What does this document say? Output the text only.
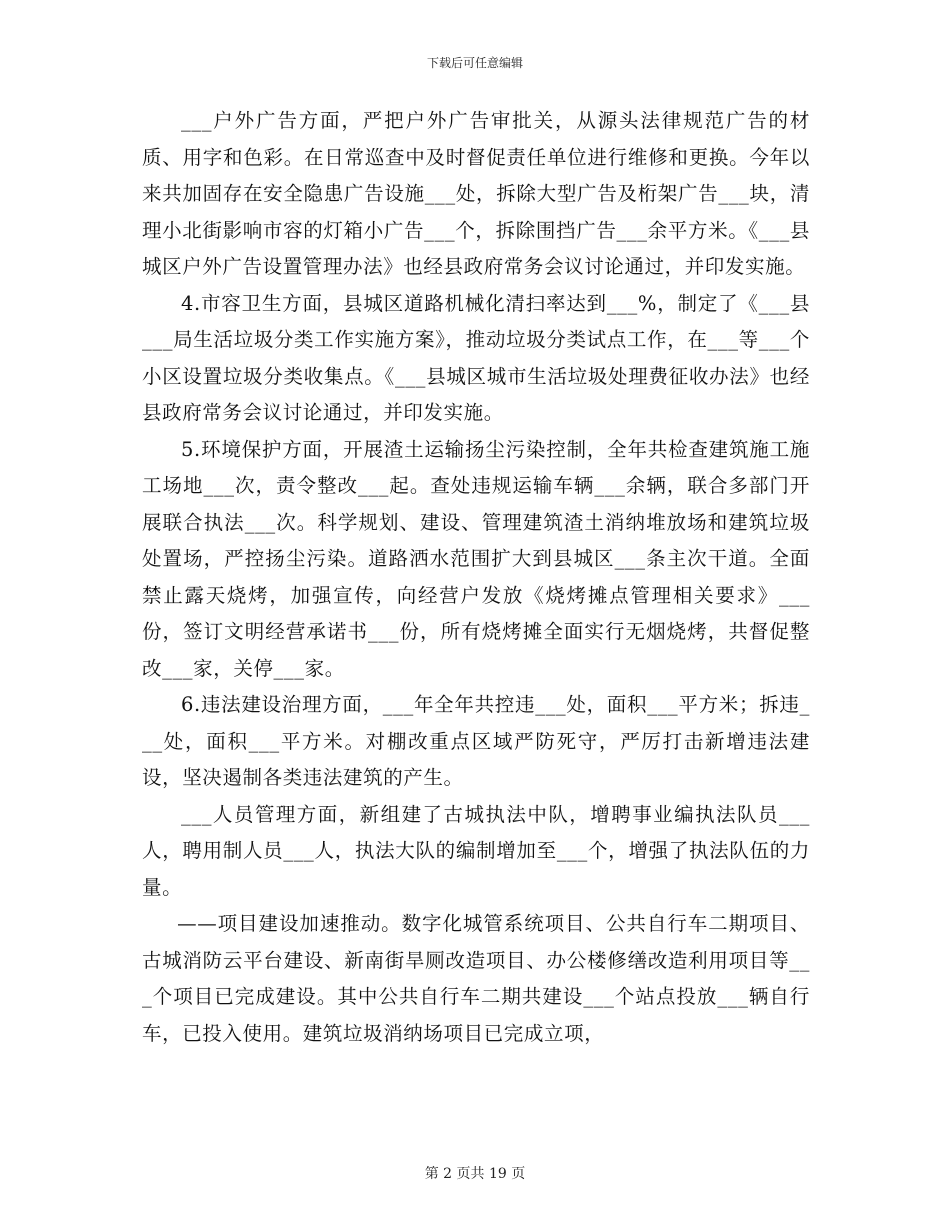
下载后可任意编辑

___户外广告方面，严把户外广告审批关，从源头法律规范广告的材质、用字和色彩。在日常巡查中及时督促责任单位进行维修和更换。今年以来共加固存在安全隐患广告设施___处，拆除大型广告及桁架广告___块，清理小北街影响市容的灯箱小广告___个，拆除围挡广告___余平方米。《___县城区户外广告设置管理办法》也经县政府常务会议讨论通过，并印发实施。

4.市容卫生方面，县城区道路机械化清扫率达到___%，制定了《___县___局生活垃圾分类工作实施方案》，推动垃圾分类试点工作，在___等___个小区设置垃圾分类收集点。《___县城区城市生活垃圾处理费征收办法》也经县政府常务会议讨论通过，并印发实施。

5.环境保护方面，开展渣土运输扬尘污染控制，全年共检查建筑施工施工场地___次，责令整改___起。查处违规运输车辆___余辆，联合多部门开展联合执法___次。科学规划、建设、管理建筑渣土消纳堆放场和建筑垃圾处置场，严控扬尘污染。道路洒水范围扩大到县城区___条主次干道。全面禁止露天烧烤，加强宣传，向经营户发放《烧烤摊点管理相关要求》___份，签订文明经营承诺书___份，所有烧烤摊全面实行无烟烧烤，共督促整改___家，关停___家。

6.违法建设治理方面，___年全年共控违___处，面积___平方米；拆违___处，面积___平方米。对棚改重点区域严防死守，严厉打击新增违法建设，坚决遏制各类违法建筑的产生。

___人员管理方面，新组建了古城执法中队，增聘事业编执法队员___人，聘用制人员___人，执法大队的编制增加至___个，增强了执法队伍的力量。

——项目建设加速推动。数字化城管系统项目、公共自行车二期项目、古城消防云平台建设、新南街旱厕改造项目、办公楼修缮改造利用项目等___个项目已完成建设。其中公共自行车二期共建设___个站点投放___辆自行车，已投入使用。建筑垃圾消纳场项目已完成立项，

第 2 页共 19 页
